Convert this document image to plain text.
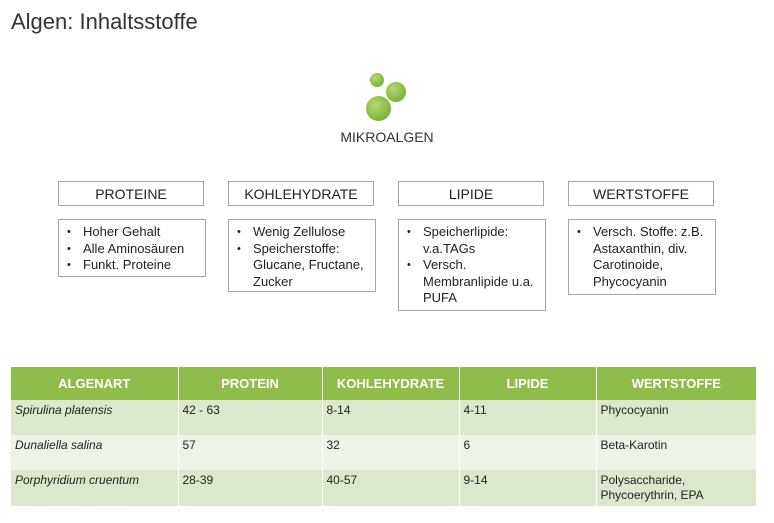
Algen: Inhaltsstoffe
MIKROALGEN
PROTEINE	KOHLEHYDRATE	LIPIDE	WERTSTOFFE
• Hoher Gehalt
• Alle Aminosäuren
• Funkt. Proteine
• Wenig Zellulose
• Speicherstoffe: Glucane, Fructane, Zucker
• Speicherlipide: v.a.TAGs
• Versch. Membranlipide u.a. PUFA
• Versch. Stoffe: z.B. Astaxanthin, div. Carotinoide, Phycocyanin
ALGENART	PROTEIN	KOHLEHYDRATE	LIPIDE	WERTSTOFFE
Spirulina platensis	42 - 63	8-14	4-11	Phycocyanin
Dunaliella salina	57	32	6	Beta-Karotin
Porphyridium cruentum	28-39	40-57	9-14	Polysaccharide, Phycoerythrin, EPA
